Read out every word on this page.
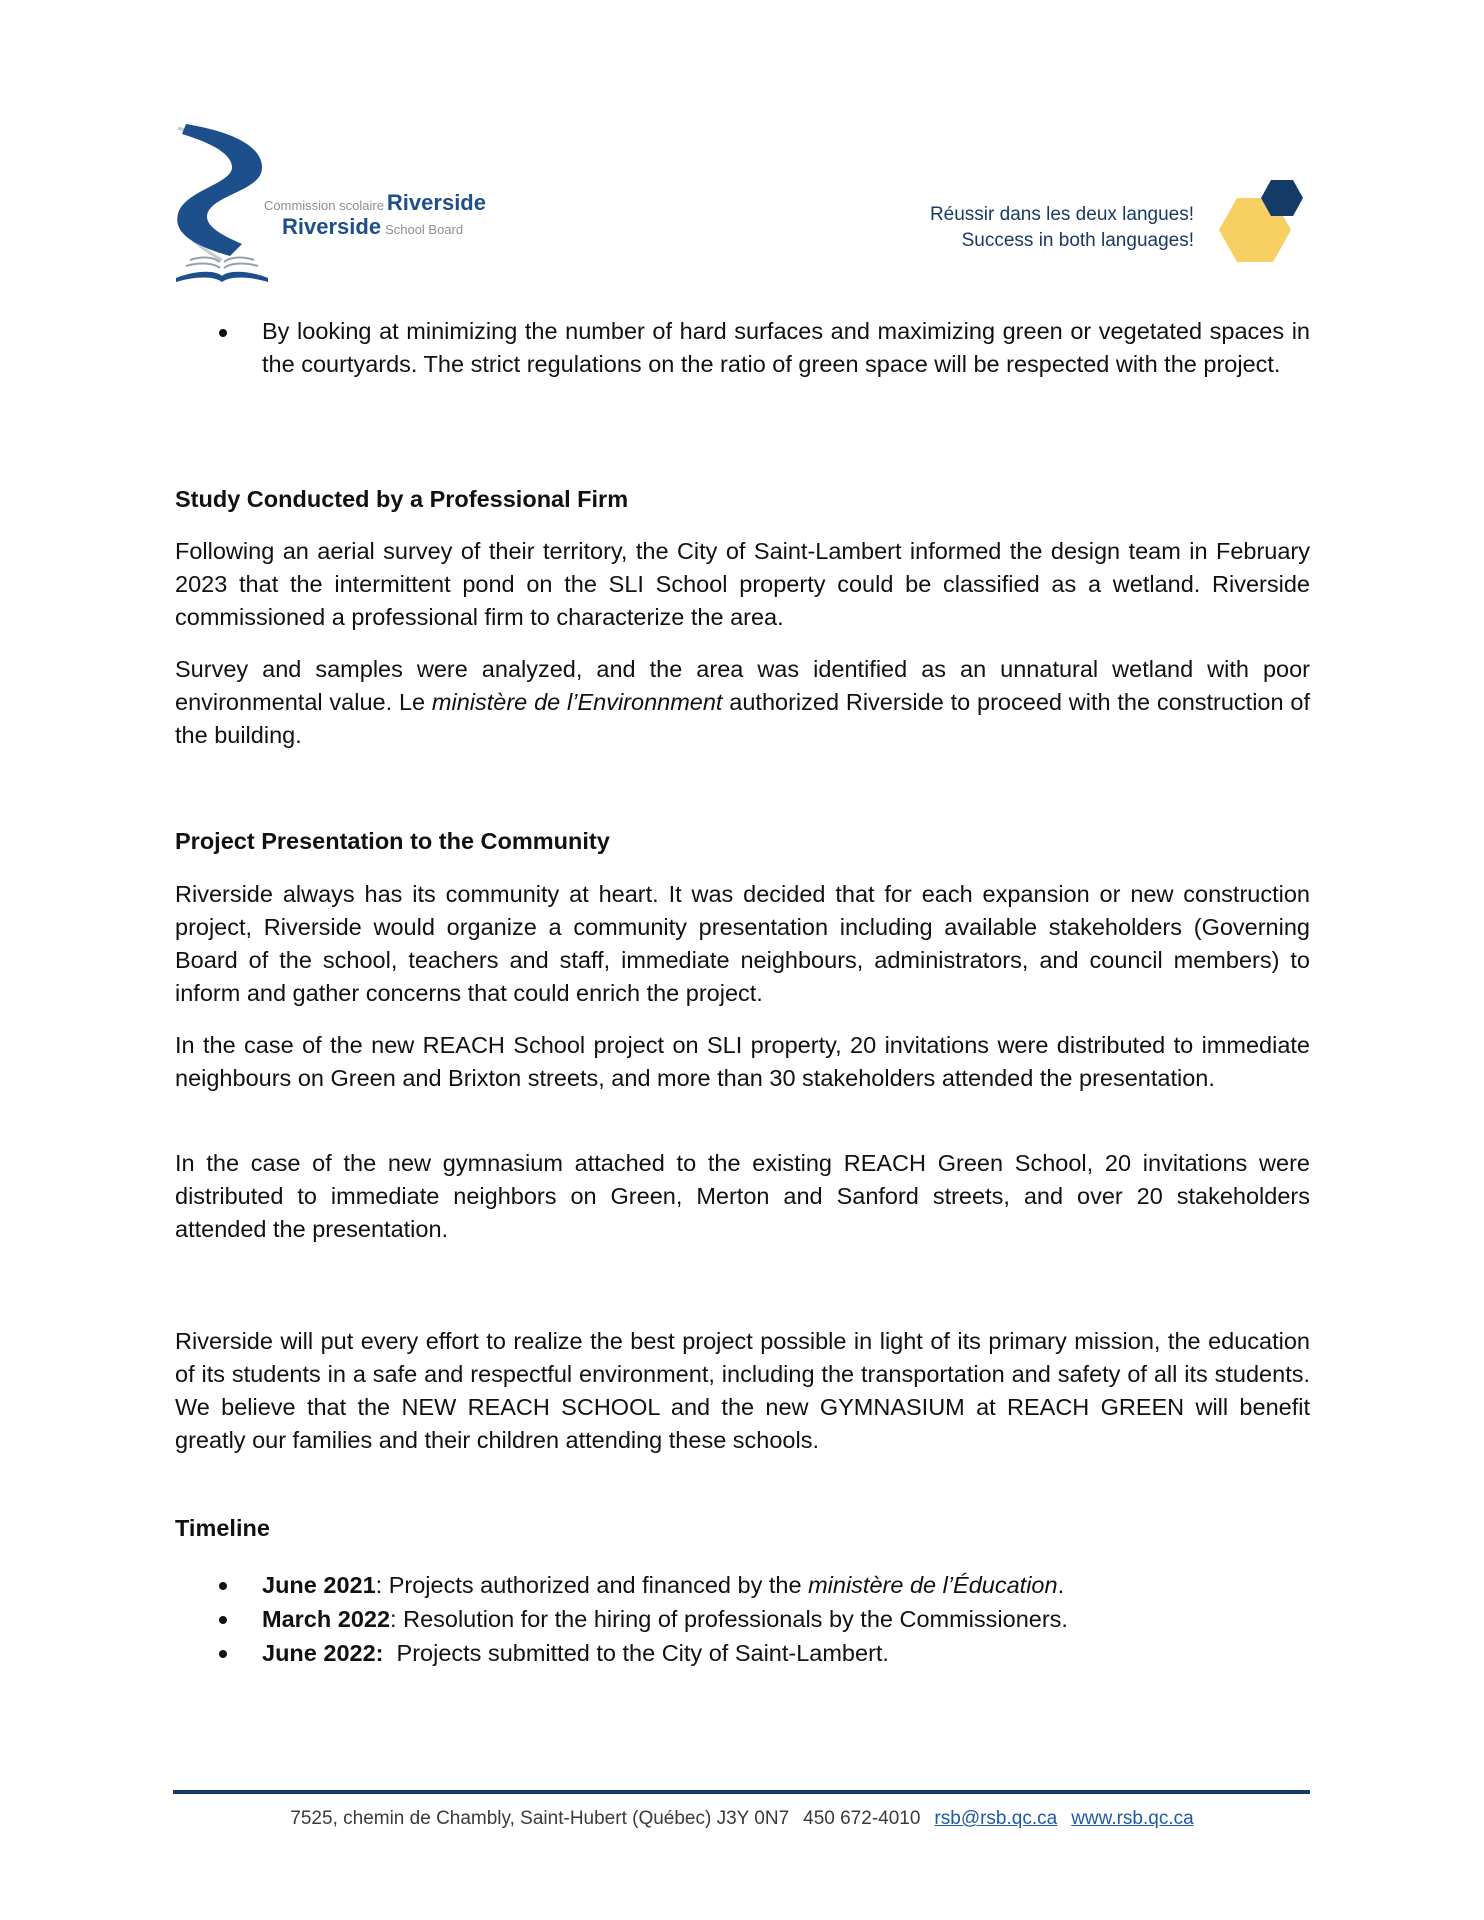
Commission scolaire Riverside
Riverside School Board
Réussir dans les deux langues!
Success in both languages!
By looking at minimizing the number of hard surfaces and maximizing green or vegetated spaces in the courtyards. The strict regulations on the ratio of green space will be respected with the project.
Study Conducted by a Professional Firm

Following an aerial survey of their territory, the City of Saint-Lambert informed the design team in February 2023 that the intermittent pond on the SLI School property could be classified as a wetland. Riverside commissioned a professional firm to characterize the area.

Survey and samples were analyzed, and the area was identified as an unnatural wetland with poor environmental value. Le ministère de l’Environnment authorized Riverside to proceed with the construction of the building.

Project Presentation to the Community

Riverside always has its community at heart. It was decided that for each expansion or new construction project, Riverside would organize a community presentation including available stakeholders (Governing Board of the school, teachers and staff, immediate neighbours, administrators, and council members) to inform and gather concerns that could enrich the project.

In the case of the new REACH School project on SLI property, 20 invitations were distributed to immediate neighbours on Green and Brixton streets, and more than 30 stakeholders attended the presentation.

In the case of the new gymnasium attached to the existing REACH Green School, 20 invitations were distributed to immediate neighbors on Green, Merton and Sanford streets, and over 20 stakeholders attended the presentation.

Riverside will put every effort to realize the best project possible in light of its primary mission, the education of its students in a safe and respectful environment, including the transportation and safety of all its students. We believe that the NEW REACH SCHOOL and the new GYMNASIUM at REACH GREEN will benefit greatly our families and their children attending these schools.

Timeline
June 2021: Projects authorized and financed by the ministère de l’Éducation.
March 2022: Resolution for the hiring of professionals by the Commissioners.
June 2022: Projects submitted to the City of Saint-Lambert.
7525, chemin de Chambly, Saint-Hubert (Québec) J3Y 0N7 450 672-4010 rsb@rsb.qc.ca www.rsb.qc.ca
